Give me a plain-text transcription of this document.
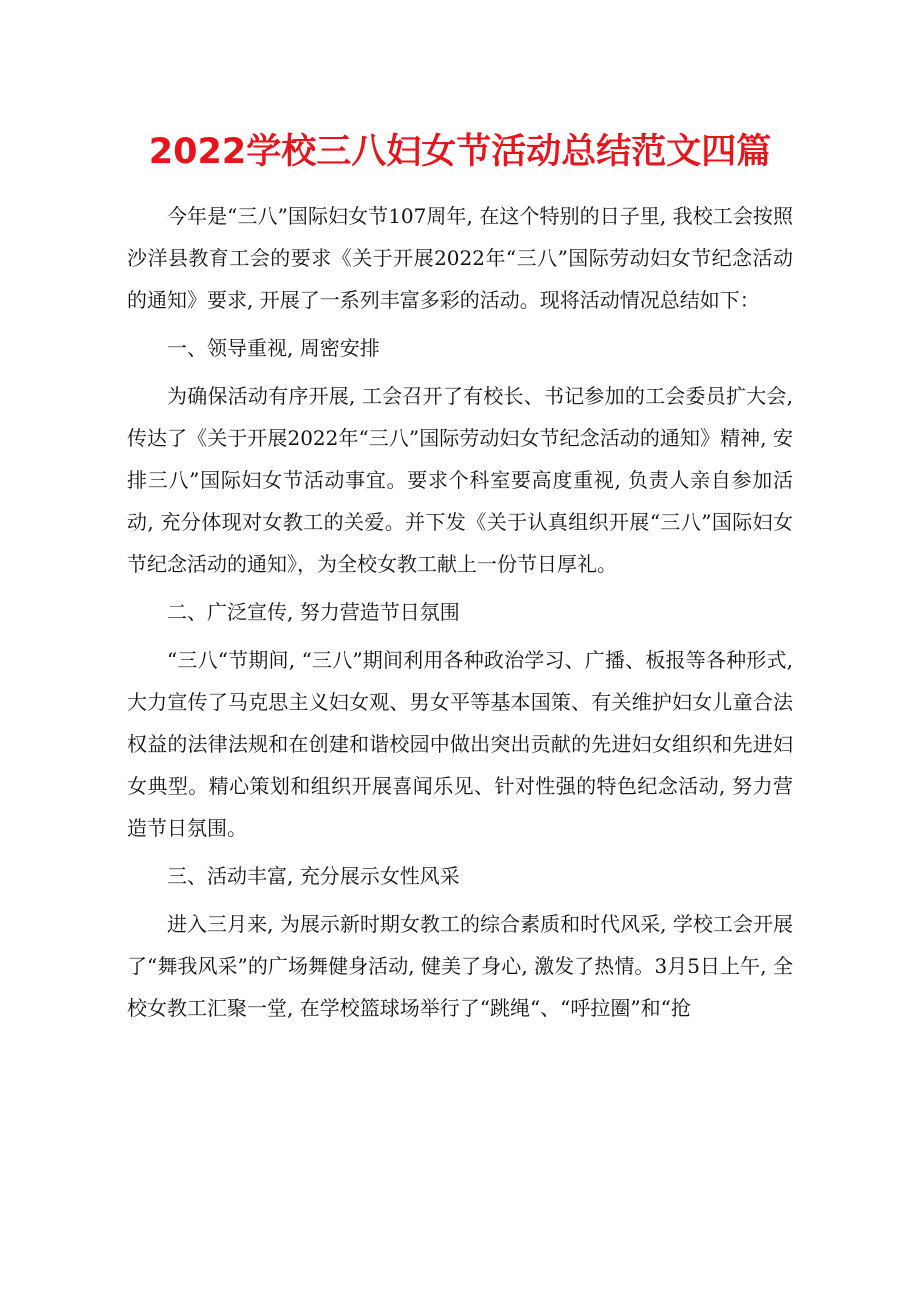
2022学校三八妇女节活动总结范文四篇

今年是“三八”国际妇女节107周年, 在这个特别的日子里, 我校工会按照沙洋县教育工会的要求《关于开展2022年“三八”国际劳动妇女节纪念活动的通知》要求, 开展了一系列丰富多彩的活动。现将活动情况总结如下：

一、领导重视, 周密安排

为确保活动有序开展, 工会召开了有校长、书记参加的工会委员扩大会, 传达了《关于开展2022年“三八”国际劳动妇女节纪念活动的通知》精神, 安排三八”国际妇女节活动事宜。要求个科室要高度重视, 负责人亲自参加活动, 充分体现对女教工的关爱。并下发《关于认真组织开展“三八”国际妇女节纪念活动的通知》，为全校女教工献上一份节日厚礼。

二、广泛宣传, 努力营造节日氛围

“三八“节期间, “三八”期间利用各种政治学习、广播、板报等各种形式, 大力宣传了马克思主义妇女观、男女平等基本国策、有关维护妇女儿童合法权益的法律法规和在创建和谐校园中做出突出贡献的先进妇女组织和先进妇女典型。精心策划和组织开展喜闻乐见、针对性强的特色纪念活动, 努力营造节日氛围。

三、活动丰富, 充分展示女性风采

进入三月来, 为展示新时期女教工的综合素质和时代风采, 学校工会开展了“舞我风采”的广场舞健身活动, 健美了身心, 激发了热情。3月5日上午, 全校女教工汇聚一堂, 在学校篮球场举行了“跳绳“、“呼拉圈”和“抢
